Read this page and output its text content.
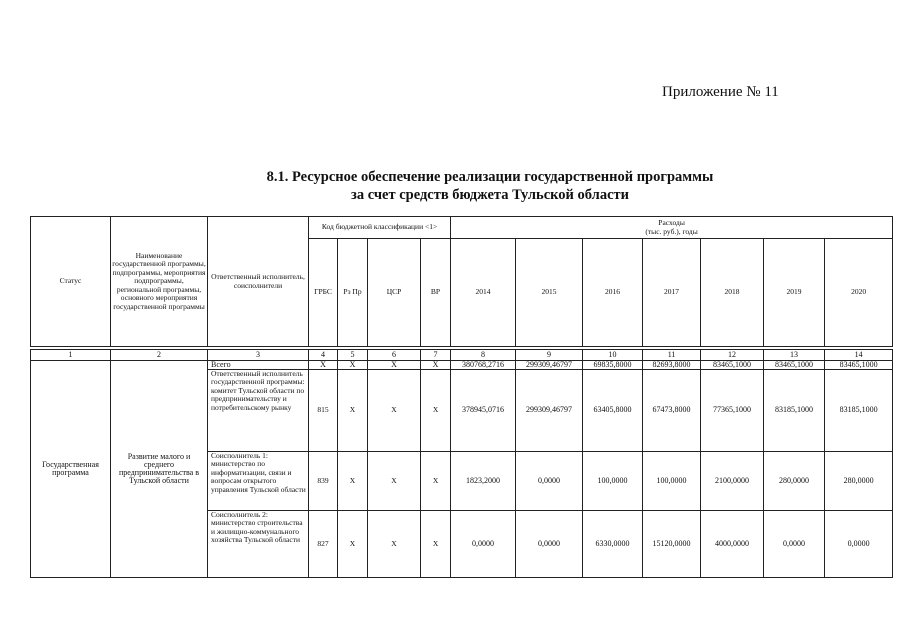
Приложение № 11
8.1. Ресурсное обеспечение реализации государственной программы
за счет средств бюджета Тульской области
Статус	Наименование государственной программы, подпрограммы, мероприятия подпрограммы, региональной программы, основного мероприятия государственной программы	Ответственный исполнитель, соисполнители	Код бюджетной классификации <1>				Расходы
(тыс. руб.), годы						

			ГРБС	Рз Пр	ЦСР	ВР	2014	2015	2016	2017	2018	2019	2020

1	2	3	4	5	6	7	8	9	10	11	12	13	14
Государственная программа	Развитие малого и среднего предпринимательства в Тульской области	Всего	Х	Х	Х	Х	380768,2716	299309,46797	69835,8000	82693,8000	83465,1000	83465,1000	83465,1000
		Ответственный исполнитель государственной программы: комитет Тульской области по предпринимательству и потребительскому рынку	815	Х	Х	Х	378945,0716	299309,46797	63405,8000	67473,8000	77365,1000	83185,1000	83185,1000
		Соисполнитель 1: министерство по информатизации, связи и вопросам открытого управления Тульской области	839	Х	Х	Х	1823,2000	0,0000	100,0000	100,0000	2100,0000	280,0000	280,0000
		Соисполнитель 2: министерство строительства и жилищно-коммунального хозяйства Тульской области	827	Х	Х	Х	0,0000	0,0000	6330,0000	15120,0000	4000,0000	0,0000	0,0000
